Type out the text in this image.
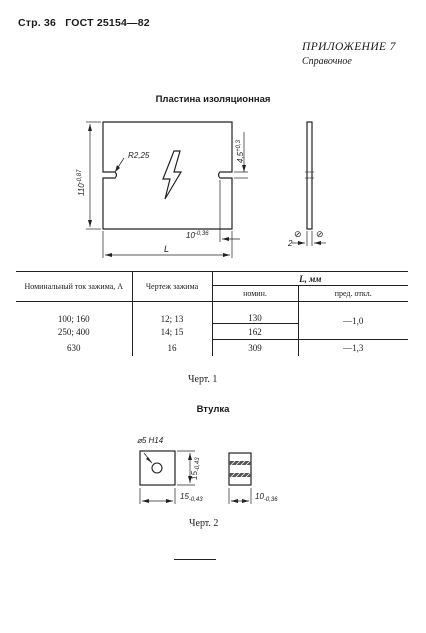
Стр. 36 ГОСТ 25154—82
ПРИЛОЖЕНИЕ 7
Справочное
Пластина изоляционная
⊘ ⊘
$110^{-0,87}$
R2,25	$4,5^{+0,3}$
$10^{-0,36}$
L
2
Номинальный ток зажима, А	Чертеж зажима	L, мм	
		номин.	пред. откл.
100; 160	12; 13	130	—1,0
250; 400	14; 15	162	
630	16	309	—1,3
Черт. 1
Втулка
⌀5 Н14
$15_{-0,43}$
$15_{-0,43}$	$10_{-0,36}$
Черт. 2
